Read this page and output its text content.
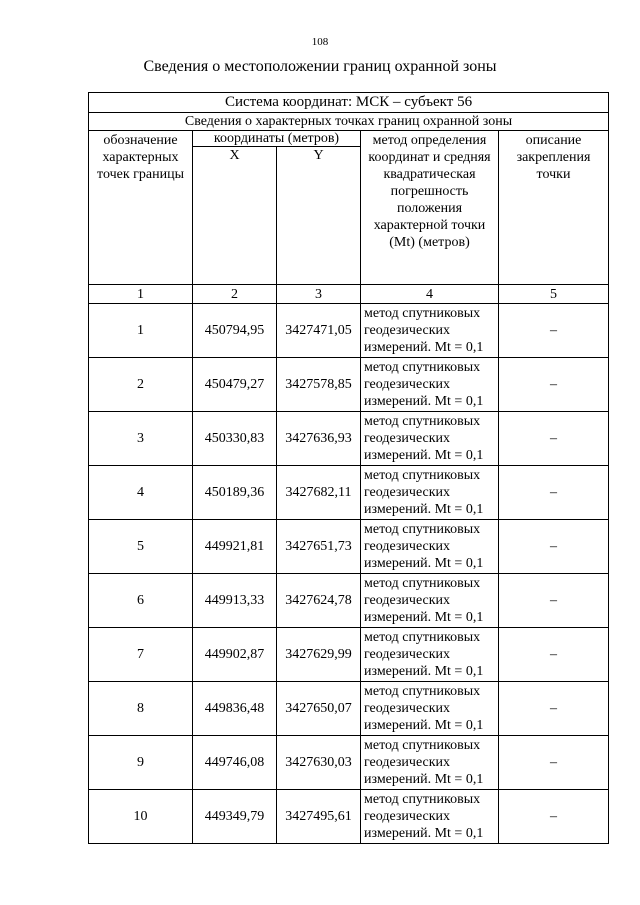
108
Сведения о местоположении границ охранной зоны
Система координат: МСК – субъект 56				
Сведения о характерных точках границ охранной зоны				
обозначение характерных точек границы	координаты (метров)		метод определения координат и средняя квадратическая погрешность положения характерной точки (Mt) (метров)	описание закрепления точки
	X	Y		
1	2	3	4	5
1	450794,95	3427471,05	метод спутниковых геодезических измерений. Mt = 0,1	–
2	450479,27	3427578,85	метод спутниковых геодезических измерений. Mt = 0,1	–
3	450330,83	3427636,93	метод спутниковых геодезических измерений. Mt = 0,1	–
4	450189,36	3427682,11	метод спутниковых геодезических измерений. Mt = 0,1	–
5	449921,81	3427651,73	метод спутниковых геодезических измерений. Mt = 0,1	–
6	449913,33	3427624,78	метод спутниковых геодезических измерений. Mt = 0,1	–
7	449902,87	3427629,99	метод спутниковых геодезических измерений. Mt = 0,1	–
8	449836,48	3427650,07	метод спутниковых геодезических измерений. Mt = 0,1	–
9	449746,08	3427630,03	метод спутниковых геодезических измерений. Mt = 0,1	–
10	449349,79	3427495,61	метод спутниковых геодезических измерений. Mt = 0,1	–
